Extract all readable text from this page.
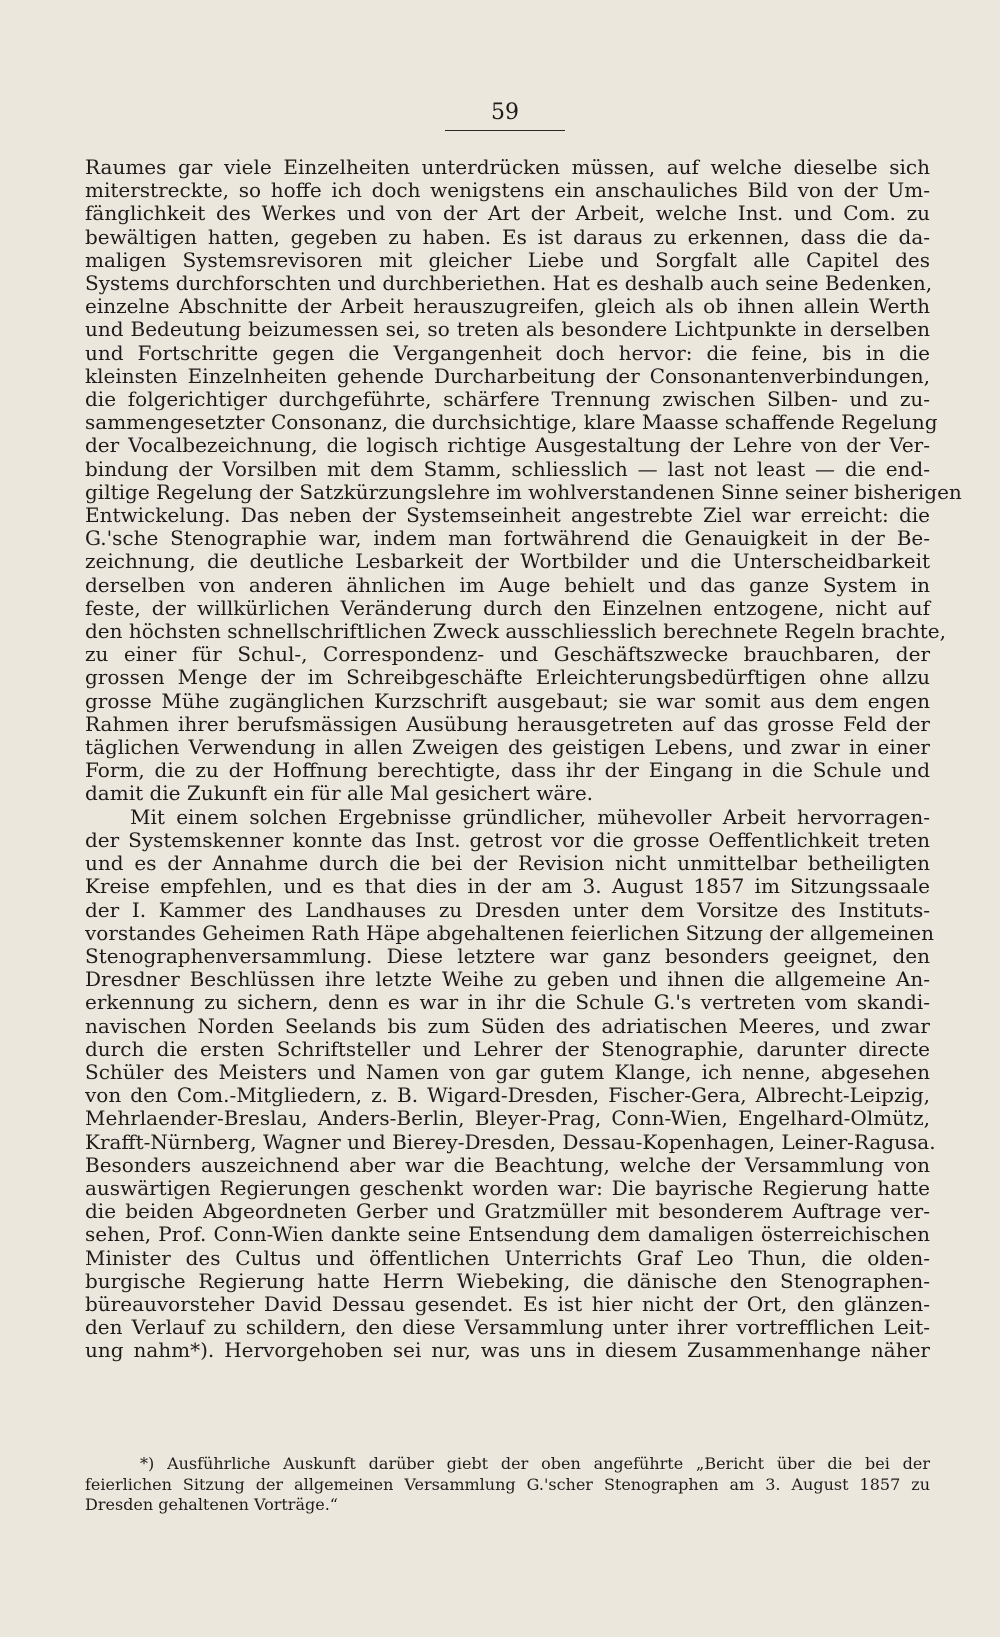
59
Raumes gar viele Einzelheiten unterdrücken müssen, auf welche dieselbe sich
miterstreckte, so hoffe ich doch wenigstens ein anschauliches Bild von der Um-
fänglichkeit des Werkes und von der Art der Arbeit, welche Inst. und Com. zu
bewältigen hatten, gegeben zu haben. Es ist daraus zu erkennen, dass die da-
maligen Systemsrevisoren mit gleicher Liebe und Sorgfalt alle Capitel des
Systems durchforschten und durchberiethen. Hat es deshalb auch seine Bedenken,
einzelne Abschnitte der Arbeit herauszugreifen, gleich als ob ihnen allein Werth
und Bedeutung beizumessen sei, so treten als besondere Lichtpunkte in derselben
und Fortschritte gegen die Vergangenheit doch hervor: die feine, bis in die
kleinsten Einzelnheiten gehende Durcharbeitung der Consonantenverbindungen,
die folgerichtiger durchgeführte, schärfere Trennung zwischen Silben- und zu-
sammengesetzter Consonanz, die durchsichtige, klare Maasse schaffende Regelung
der Vocalbezeichnung, die logisch richtige Ausgestaltung der Lehre von der Ver-
bindung der Vorsilben mit dem Stamm, schliesslich — last not least — die end-
giltige Regelung der Satzkürzungslehre im wohlverstandenen Sinne seiner bisherigen
Entwickelung. Das neben der Systemseinheit angestrebte Ziel war erreicht: die
G.'sche Stenographie war, indem man fortwährend die Genauigkeit in der Be-
zeichnung, die deutliche Lesbarkeit der Wortbilder und die Unterscheidbarkeit
derselben von anderen ähnlichen im Auge behielt und das ganze System in
feste, der willkürlichen Veränderung durch den Einzelnen entzogene, nicht auf
den höchsten schnellschriftlichen Zweck ausschliesslich berechnete Regeln brachte,
zu einer für Schul-, Correspondenz- und Geschäftszwecke brauchbaren, der
grossen Menge der im Schreibgeschäfte Erleichterungsbedürftigen ohne allzu
grosse Mühe zugänglichen Kurzschrift ausgebaut; sie war somit aus dem engen
Rahmen ihrer berufsmässigen Ausübung herausgetreten auf das grosse Feld der
täglichen Verwendung in allen Zweigen des geistigen Lebens, und zwar in einer
Form, die zu der Hoffnung berechtigte, dass ihr der Eingang in die Schule und
damit die Zukunft ein für alle Mal gesichert wäre.
Mit einem solchen Ergebnisse gründlicher, mühevoller Arbeit hervorragen-
der Systemskenner konnte das Inst. getrost vor die grosse Oeffentlichkeit treten
und es der Annahme durch die bei der Revision nicht unmittelbar betheiligten
Kreise empfehlen, und es that dies in der am 3. August 1857 im Sitzungssaale
der I. Kammer des Landhauses zu Dresden unter dem Vorsitze des Instituts-
vorstandes Geheimen Rath Häpe abgehaltenen feierlichen Sitzung der allgemeinen
Stenographenversammlung. Diese letztere war ganz besonders geeignet, den
Dresdner Beschlüssen ihre letzte Weihe zu geben und ihnen die allgemeine An-
erkennung zu sichern, denn es war in ihr die Schule G.'s vertreten vom skandi-
navischen Norden Seelands bis zum Süden des adriatischen Meeres, und zwar
durch die ersten Schriftsteller und Lehrer der Stenographie, darunter directe
Schüler des Meisters und Namen von gar gutem Klange, ich nenne, abgesehen
von den Com.-Mitgliedern, z. B. Wigard-Dresden, Fischer-Gera, Albrecht-Leipzig,
Mehrlaender-Breslau, Anders-Berlin, Bleyer-Prag, Conn-Wien, Engelhard-Olmütz,
Krafft-Nürnberg, Wagner und Bierey-Dresden, Dessau-Kopenhagen, Leiner-Ragusa.
Besonders auszeichnend aber war die Beachtung, welche der Versammlung von
auswärtigen Regierungen geschenkt worden war: Die bayrische Regierung hatte
die beiden Abgeordneten Gerber und Gratzmüller mit besonderem Auftrage ver-
sehen, Prof. Conn-Wien dankte seine Entsendung dem damaligen österreichischen
Minister des Cultus und öffentlichen Unterrichts Graf Leo Thun, die olden-
burgische Regierung hatte Herrn Wiebeking, die dänische den Stenographen-
büreauvorsteher David Dessau gesendet. Es ist hier nicht der Ort, den glänzen-
den Verlauf zu schildern, den diese Versammlung unter ihrer vortrefflichen Leit-
ung nahm*). Hervorgehoben sei nur, was uns in diesem Zusammenhange näher
*) Ausführliche Auskunft darüber giebt der oben angeführte „Bericht über die bei der
feierlichen Sitzung der allgemeinen Versammlung G.'scher Stenographen am 3. August 1857 zu
Dresden gehaltenen Vorträge.“
